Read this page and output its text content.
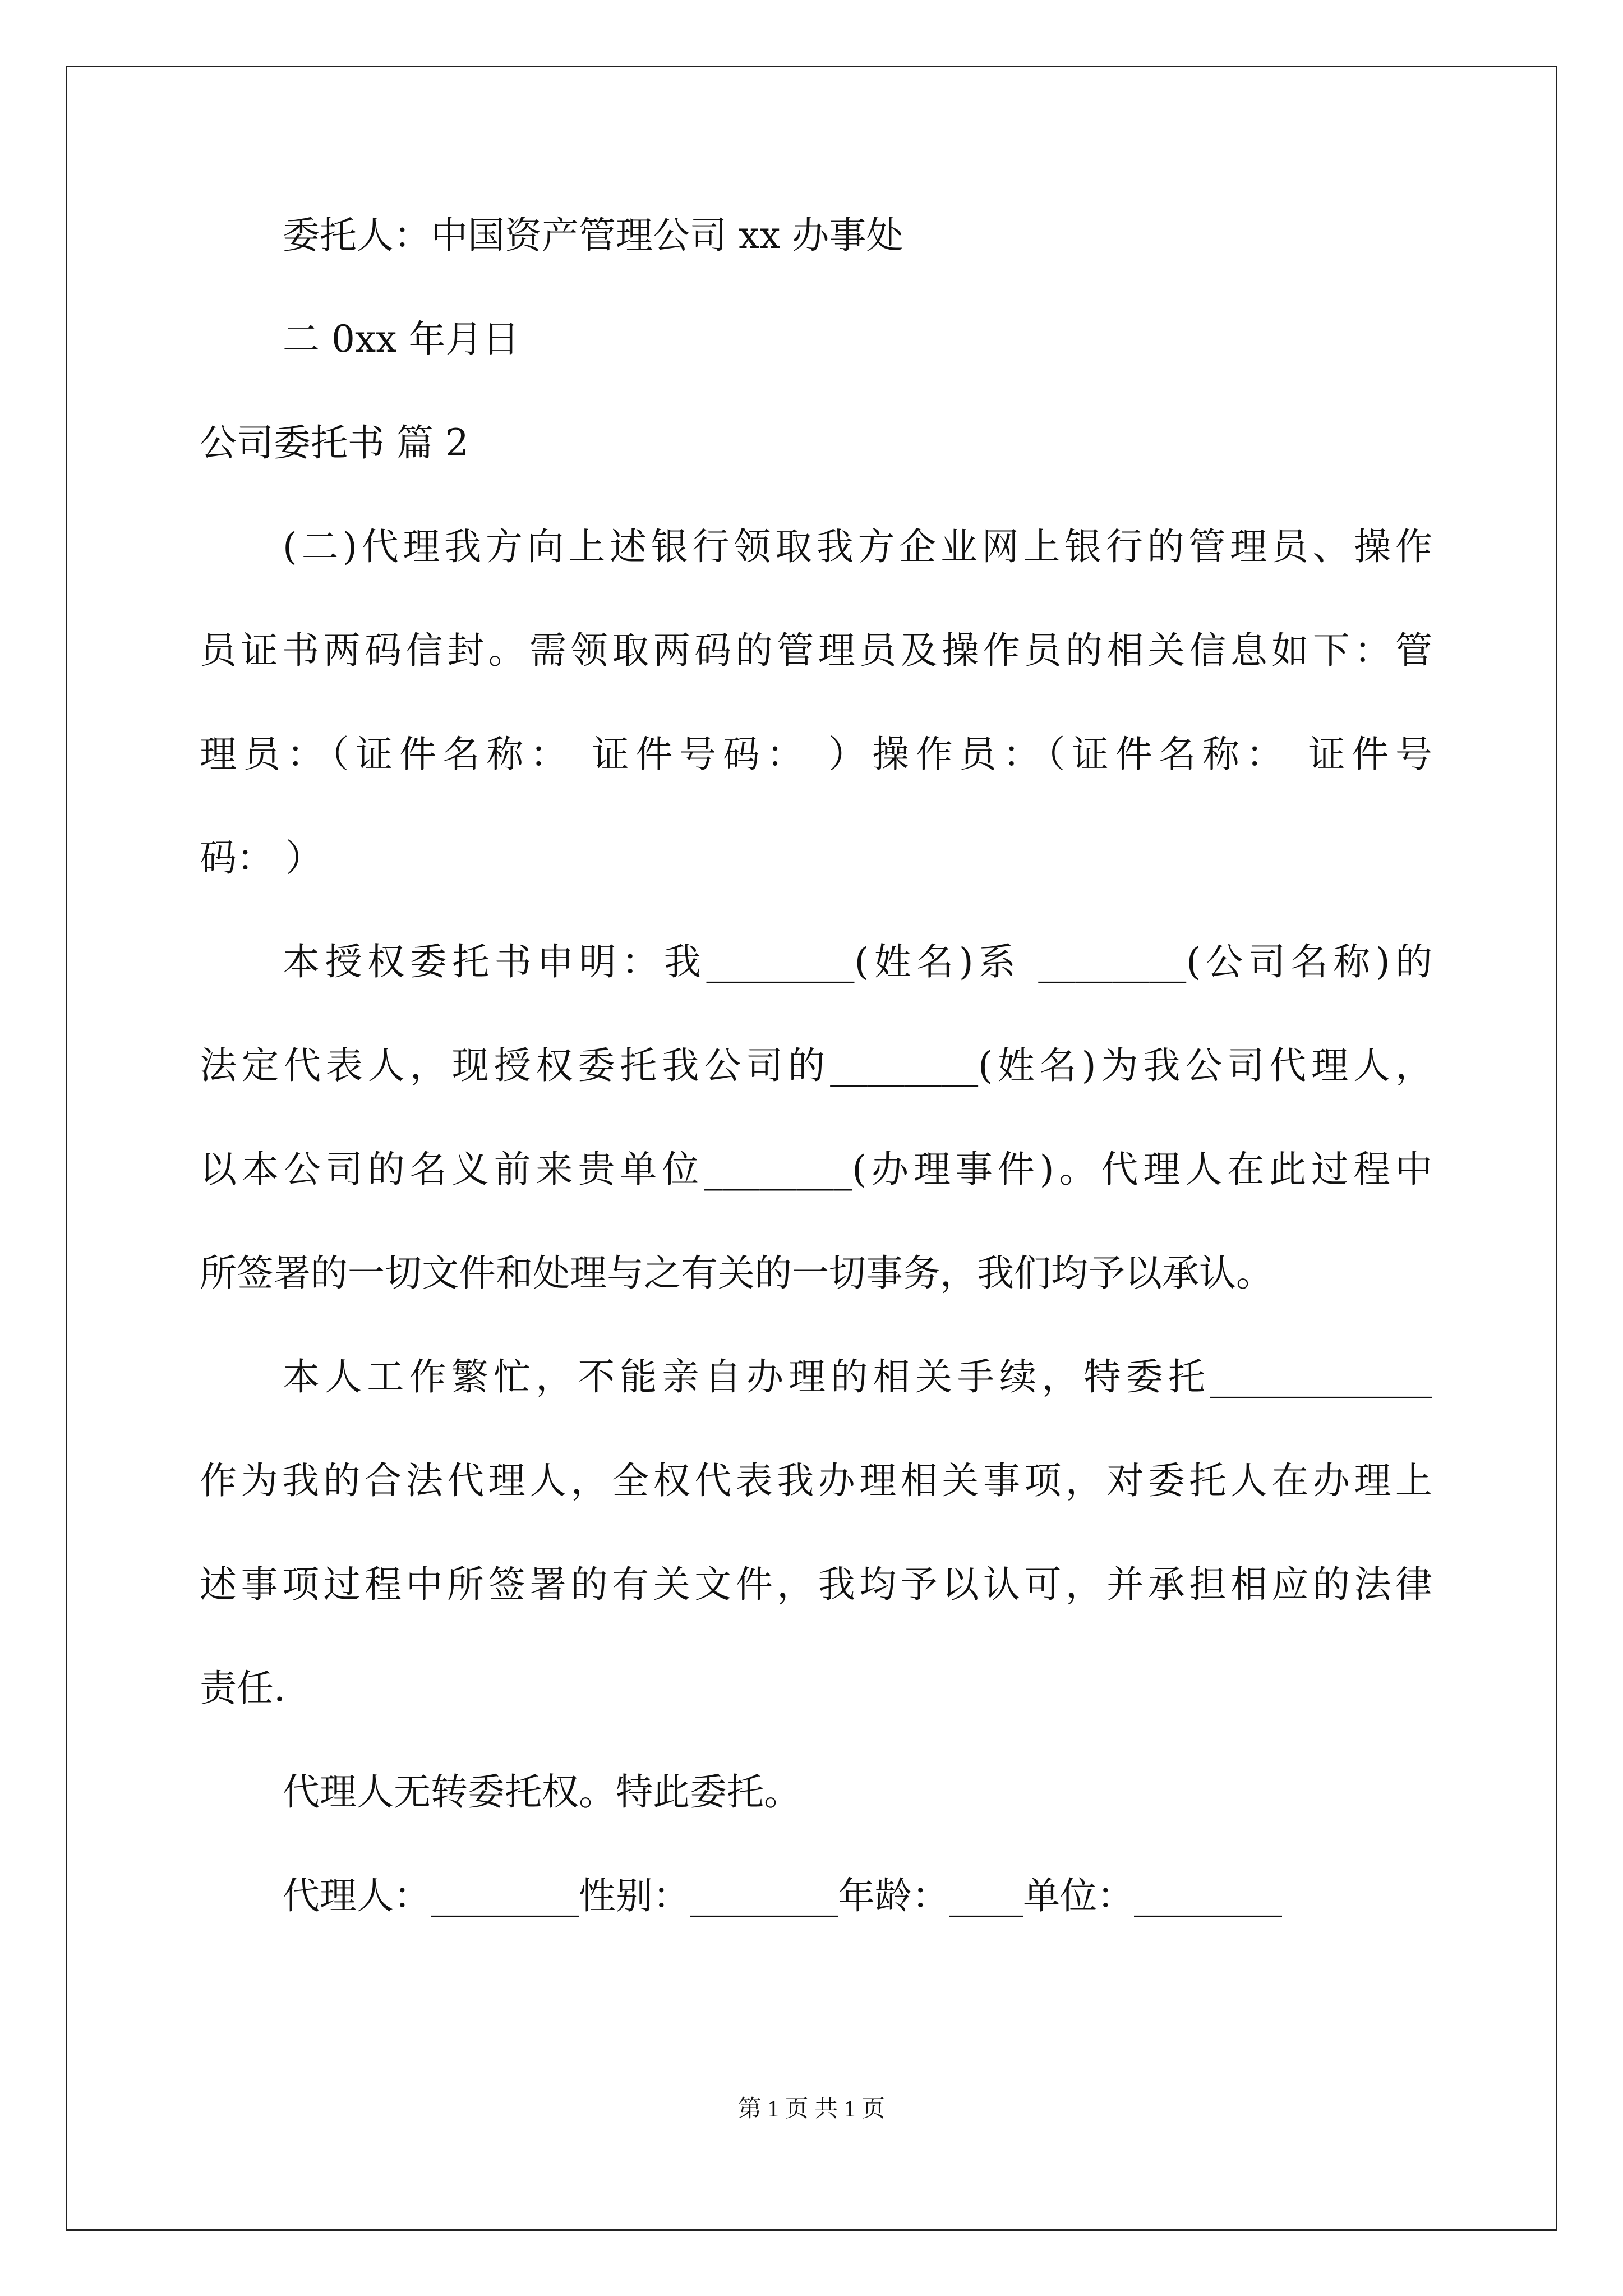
委托人：中国资产管理公司 xx 办事处
二 0xx 年月日
公司委托书 篇 2
(二)代理我方向上述银行领取我方企业网上银行的管理员、操作
员证书两码信封。需领取两码的管理员及操作员的相关信息如下：管
理员：（证件名称： 证件号码： ）操作员：（证件名称： 证件号
码： ）
本授权委托书申明：我________(姓名)系 ________(公司名称)的
法定代表人，现授权委托我公司的________(姓名)为我公司代理人，
以本公司的名义前来贵单位________(办理事件)。代理人在此过程中
所签署的一切文件和处理与之有关的一切事务，我们均予以承认。
本人工作繁忙，不能亲自办理的相关手续，特委托____________
作为我的合法代理人，全权代表我办理相关事项，对委托人在办理上
述事项过程中所签署的有关文件，我均予以认可，并承担相应的法律
责任.
代理人无转委托权。特此委托。
代理人：________性别：________年龄：____单位：________
第 1 页 共 1 页
